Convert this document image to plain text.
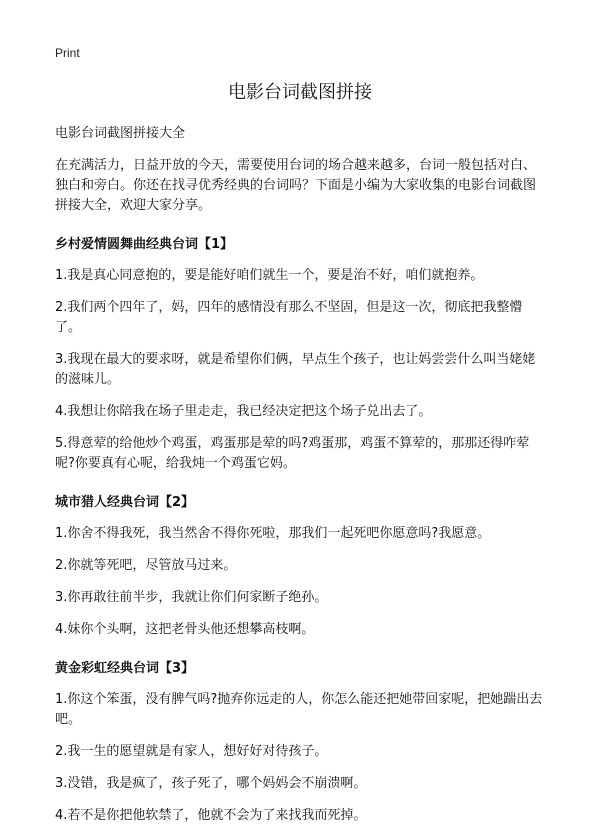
Print
电影台词截图拼接

电影台词截图拼接大全

在充满活力，日益开放的今天，需要使用台词的场合越来越多，台词一般包括对白、独白和旁白。你还在找寻优秀经典的台词吗？下面是小编为大家收集的电影台词截图拼接大全，欢迎大家分享。

乡村爱情圆舞曲经典台词【1】

1.我是真心同意抱的，要是能好咱们就生一个，要是治不好，咱们就抱养。

2.我们两个四年了，妈，四年的感情没有那么不坚固，但是这一次，彻底把我整懵了。

3.我现在最大的要求呀，就是希望你们俩，早点生个孩子，也让妈尝尝什么叫当姥姥的滋味儿。

4.我想让你陪我在场子里走走，我已经决定把这个场子兑出去了。

5.得意荤的给他炒个鸡蛋，鸡蛋那是荤的吗?鸡蛋那，鸡蛋不算荤的，那那还得咋荤呢?你要真有心呢，给我炖一个鸡蛋它妈。

城市猎人经典台词【2】

1.你舍不得我死，我当然舍不得你死啦，那我们一起死吧你愿意吗?我愿意。

2.你就等死吧，尽管放马过来。

3.你再敢往前半步，我就让你们何家断子绝孙。

4.妹你个头啊，这把老骨头他还想攀高枝啊。

黄金彩虹经典台词【3】

1.你这个笨蛋，没有脾气吗?抛弃你远走的人，你怎么能还把她带回家呢，把她踹出去吧。

2.我一生的愿望就是有家人，想好好对待孩子。

3.没错，我是疯了，孩子死了，哪个妈妈会不崩溃啊。

4.若不是你把他软禁了，他就不会为了来找我而死掉。
